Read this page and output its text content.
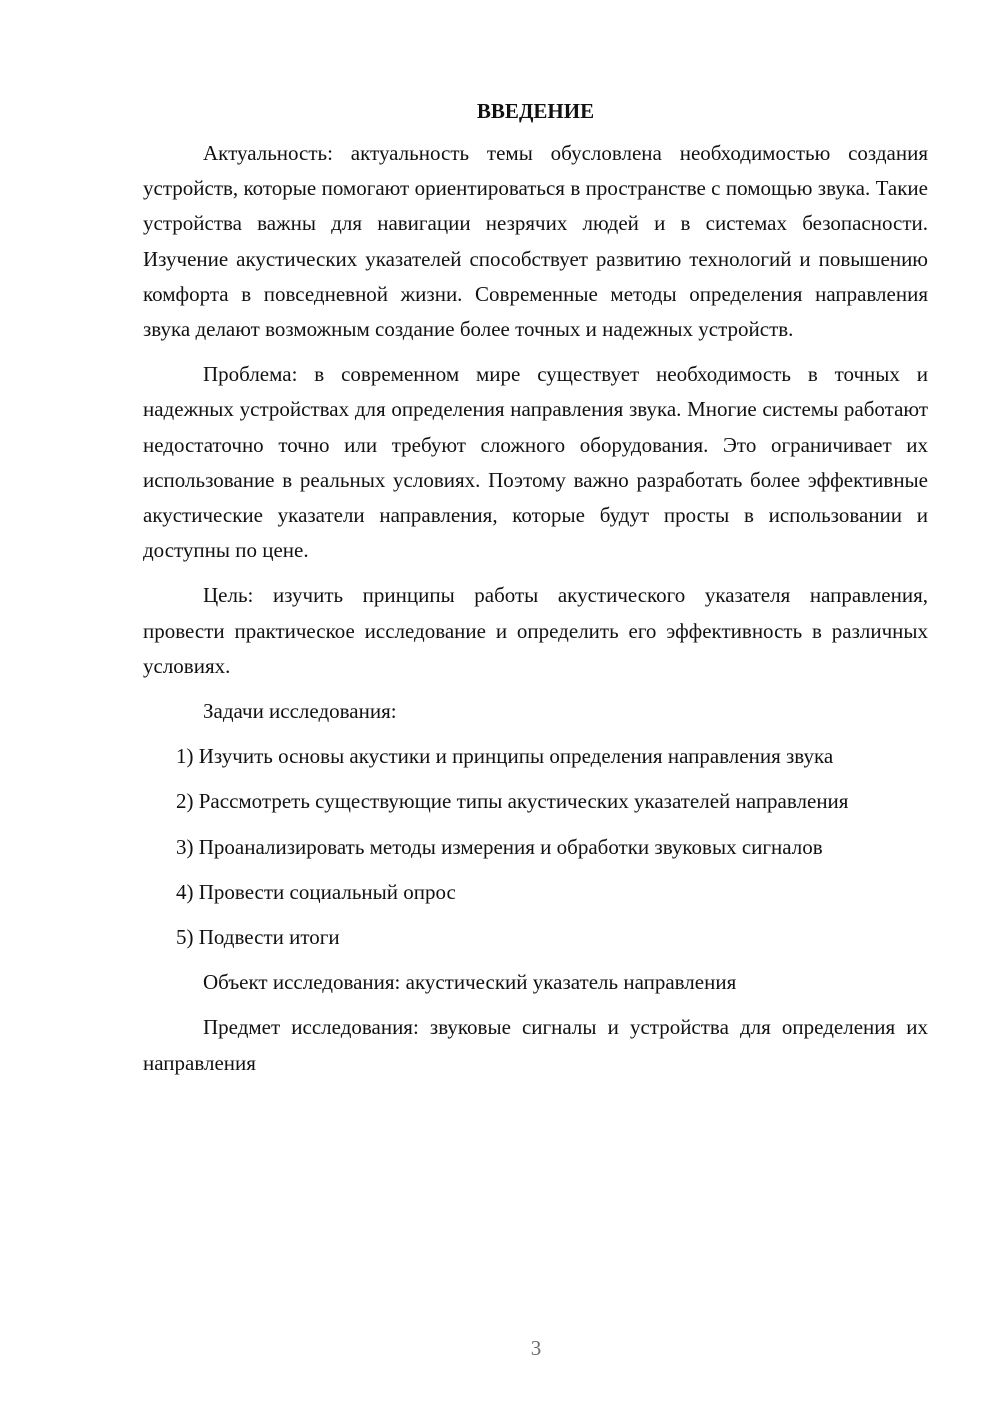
ВВЕДЕНИЕ

Актуальность: актуальность темы обусловлена необходимостью создания устройств, которые помогают ориентироваться в пространстве с помощью звука. Такие устройства важны для навигации незрячих людей и в системах безопасности. Изучение акустических указателей способствует развитию технологий и повышению комфорта в повседневной жизни. Современные методы определения направления звука делают возможным создание более точных и надежных устройств.

Проблема: в современном мире существует необходимость в точных и надежных устройствах для определения направления звука. Многие системы работают недостаточно точно или требуют сложного оборудования. Это ограничивает их использование в реальных условиях. Поэтому важно разработать более эффективные акустические указатели направления, которые будут просты в использовании и доступны по цене.

Цель: изучить принципы работы акустического указателя направления, провести практическое исследование и определить его эффективность в различных условиях.

Задачи исследования:

1) Изучить основы акустики и принципы определения направления звука

2) Рассмотреть существующие типы акустических указателей направления

3) Проанализировать методы измерения и обработки звуковых сигналов

4) Провести социальный опрос

5) Подвести итоги

Объект исследования: акустический указатель направления

Предмет исследования: звуковые сигналы и устройства для определения их направления

3
